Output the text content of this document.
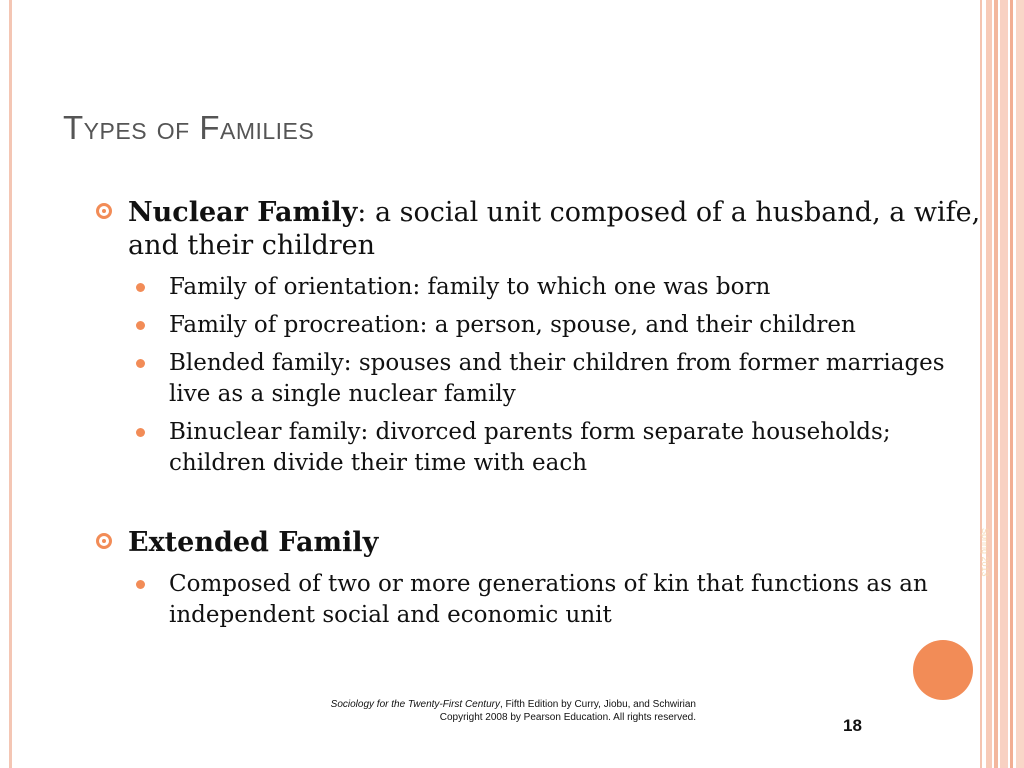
Spring 2013
Types of Families

Nuclear Family: a social unit composed of a husband, a wife, and their children

Family of orientation: family to which one was born
Family of procreation: a person, spouse, and their children
Blended family: spouses and their children from former marriages live as a single nuclear family
Binuclear family: divorced parents form separate households; children divide their time with each

Extended Family

Composed of two or more generations of kin that functions as an independent social and economic unit
Sociology for the Twenty-First Century, Fifth Edition by Curry, Jiobu, and Schwirian
Copyright 2008 by Pearson Education. All rights reserved.	18
